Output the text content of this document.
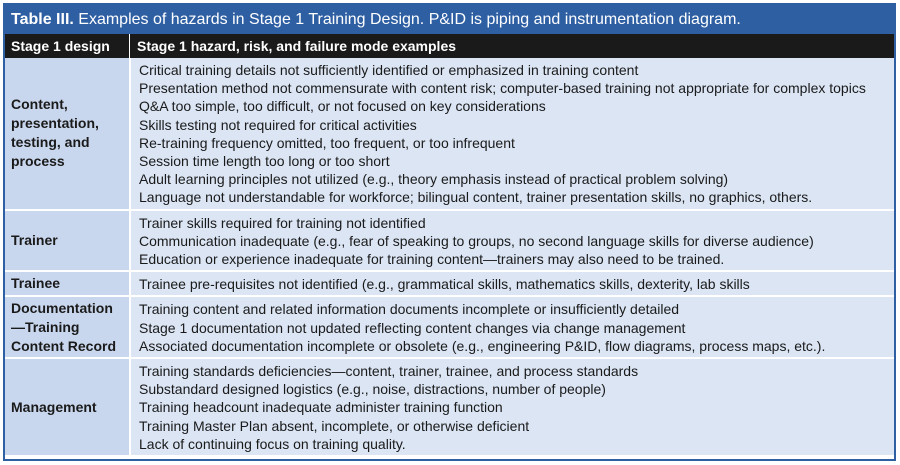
Table III. Examples of hazards in Stage 1 Training Design. P&ID is piping and instrumentation diagram.
Stage 1 design	Stage 1 hazard, risk, and failure mode examples
Content, presentation, testing, and process
Critical training details not sufficiently identified or emphasized in training content
Presentation method not commensurate with content risk; computer-based training not appropriate for complex topics
Q&A too simple, too difficult, or not focused on key considerations
Skills testing not required for critical activities
Re-training frequency omitted, too frequent, or too infrequent
Session time length too long or too short
Adult learning principles not utilized (e.g., theory emphasis instead of practical problem solving)
Language not understandable for workforce; bilingual content, trainer presentation skills, no graphics, others.
Trainer
Trainer skills required for training not identified
Communication inadequate (e.g., fear of speaking to groups, no second language skills for diverse audience)
Education or experience inadequate for training content—trainers may also need to be trained.
Trainee	Trainee pre-requisites not identified (e.g., grammatical skills, mathematics skills, dexterity, lab skills
Documentation—Training Content Record
Training content and related information documents incomplete or insufficiently detailed
Stage 1 documentation not updated reflecting content changes via change management
Associated documentation incomplete or obsolete (e.g., engineering P&ID, flow diagrams, process maps, etc.).
Management
Training standards deficiencies—content, trainer, trainee, and process standards
Substandard designed logistics (e.g., noise, distractions, number of people)
Training headcount inadequate administer training function
Training Master Plan absent, incomplete, or otherwise deficient
Lack of continuing focus on training quality.
